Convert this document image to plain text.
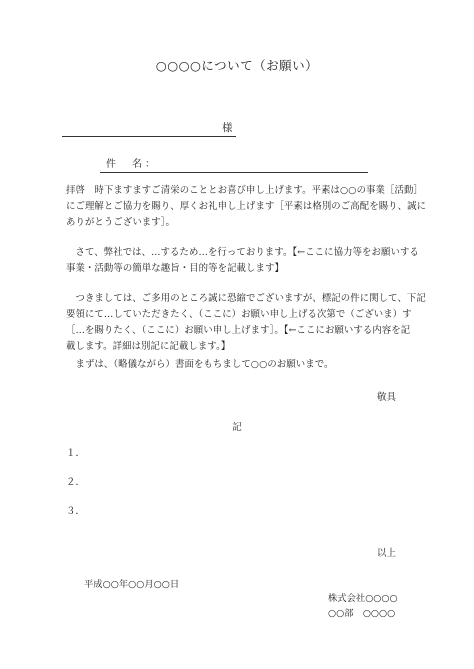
○○○○について（お願い）
様
件　名：
拝啓　時下ますますご清栄のこととお喜び申し上げます。平素は○○の事業［活動］
にご理解とご協力を賜り、厚くお礼申し上げます［平素は格別のご高配を賜り、誠に
ありがとうございます］。
　さて、弊社では、…するため…を行っております。【←ここに協力等をお願いする
事業・活動等の簡単な趣旨・目的等を記載します】
　つきましては、ご多用のところ誠に恐縮でございますが、標記の件に関して、下記
要領にて…していただきたく、（ここに）お願い申し上げる次第で（ございま）す
［…を賜りたく、（ここに）お願い申し上げます］。【←ここにお願いする内容を記
載します。詳細は別記に記載します。】
　まずは、（略儀ながら）書面をもちまして○○のお願いまで。
敬具
記
１．
２．
３．
以上
平成○○年○○月○○日
株式会社○○○○
○○部　○○○○
